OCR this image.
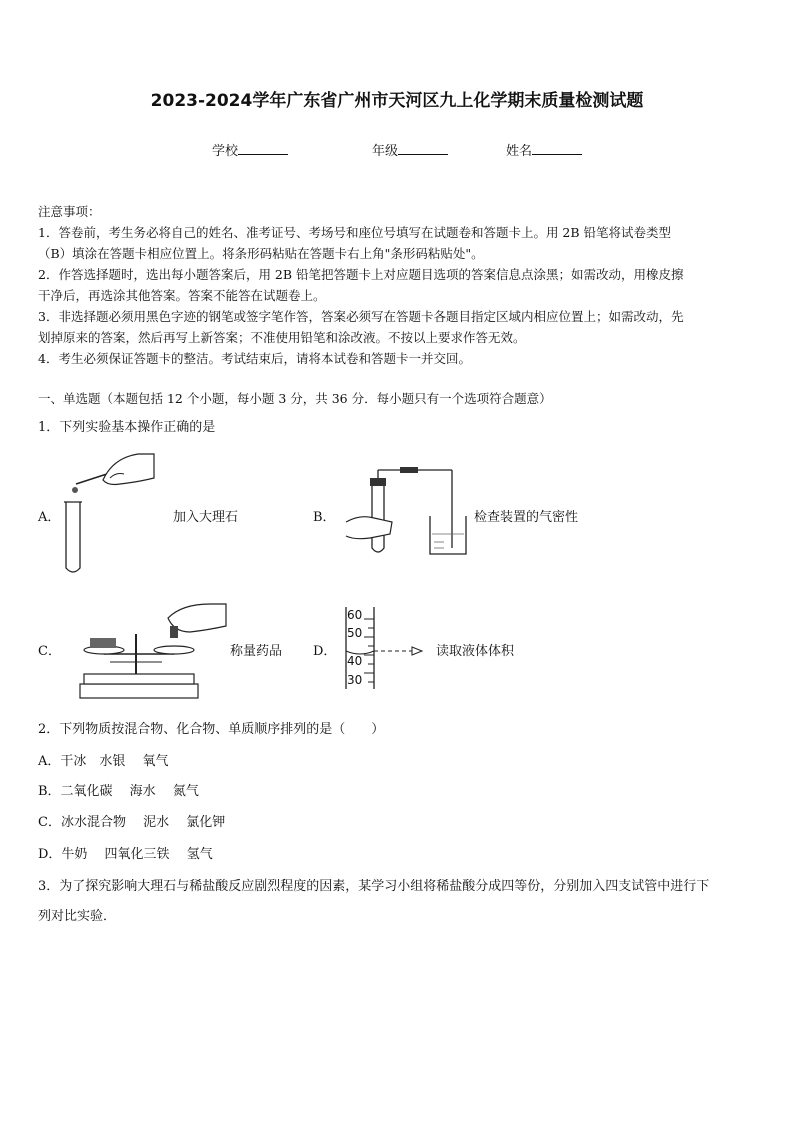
2023-2024学年广东省广州市天河区九上化学期末质量检测试题
学校	年级	姓名
注意事项：
1．答卷前，考生务必将自己的姓名、准考证号、考场号和座位号填写在试题卷和答题卡上。用 2B 铅笔将试卷类型
（B）填涂在答题卡相应位置上。将条形码粘贴在答题卡右上角"条形码粘贴处"。
2．作答选择题时，选出每小题答案后，用 2B 铅笔把答题卡上对应题目选项的答案信息点涂黑；如需改动，用橡皮擦
干净后，再选涂其他答案。答案不能答在试题卷上。
3．非选择题必须用黑色字迹的钢笔或签字笔作答，答案必须写在答题卡各题目指定区域内相应位置上；如需改动，先
划掉原来的答案，然后再写上新答案；不准使用铅笔和涂改液。不按以上要求作答无效。
4．考生必须保证答题卡的整洁。考试结束后，请将本试卷和答题卡一并交回。
一、单选题（本题包括 12 个小题，每小题 3 分，共 36 分．每小题只有一个选项符合题意）
1．下列实验基本操作正确的是
A．	加入大理石	B．	检查装置的气密性
C．	称量药品 D．
60
50
40
30
读取液体体积
2．下列物质按混合物、化合物、单质顺序排列的是（　　）
A．干冰　水银　 氧气
B．二氧化碳　 海水　 氮气
C．冰水混合物　 泥水　 氯化钾
D．牛奶　 四氧化三铁　 氢气
3．为了探究影响大理石与稀盐酸反应剧烈程度的因素，某学习小组将稀盐酸分成四等份，分别加入四支试管中进行下
列对比实验．
